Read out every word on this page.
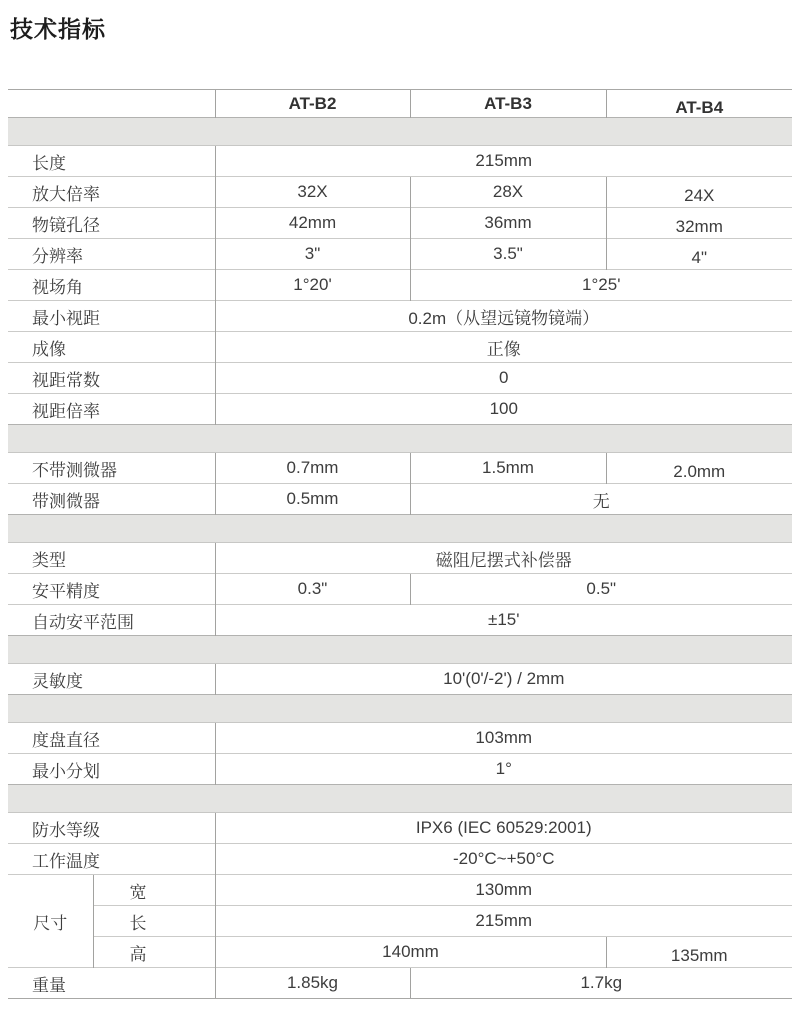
技术指标
		AT-B2	AT-B3	AT-B4

长度		215mm		
放大倍率		32X	28X	24X
物镜孔径		42mm	36mm	32mm
分辨率		3"	3.5"	4"
视场角		1°20'	1°25'	
最小视距		0.2m（从望远镜物镜端）		
成像		正像		
视距常数		0		
视距倍率		100		

不带测微器		0.7mm	1.5mm	2.0mm
带测微器		0.5mm	无	

类型		磁阻尼摆式补偿器		
安平精度		0.3"	0.5"	
自动安平范围		±15'		

灵敏度		10'(0'/-2') / 2mm		

度盘直径		103mm		
最小分划		1°		

防水等级		IPX6 (IEC 60529:2001)		
工作温度		-20°C~+50°C		
尺寸	宽	130mm		
	长	215mm		
	高	140mm		135mm
重量		1.85kg	1.7kg	
